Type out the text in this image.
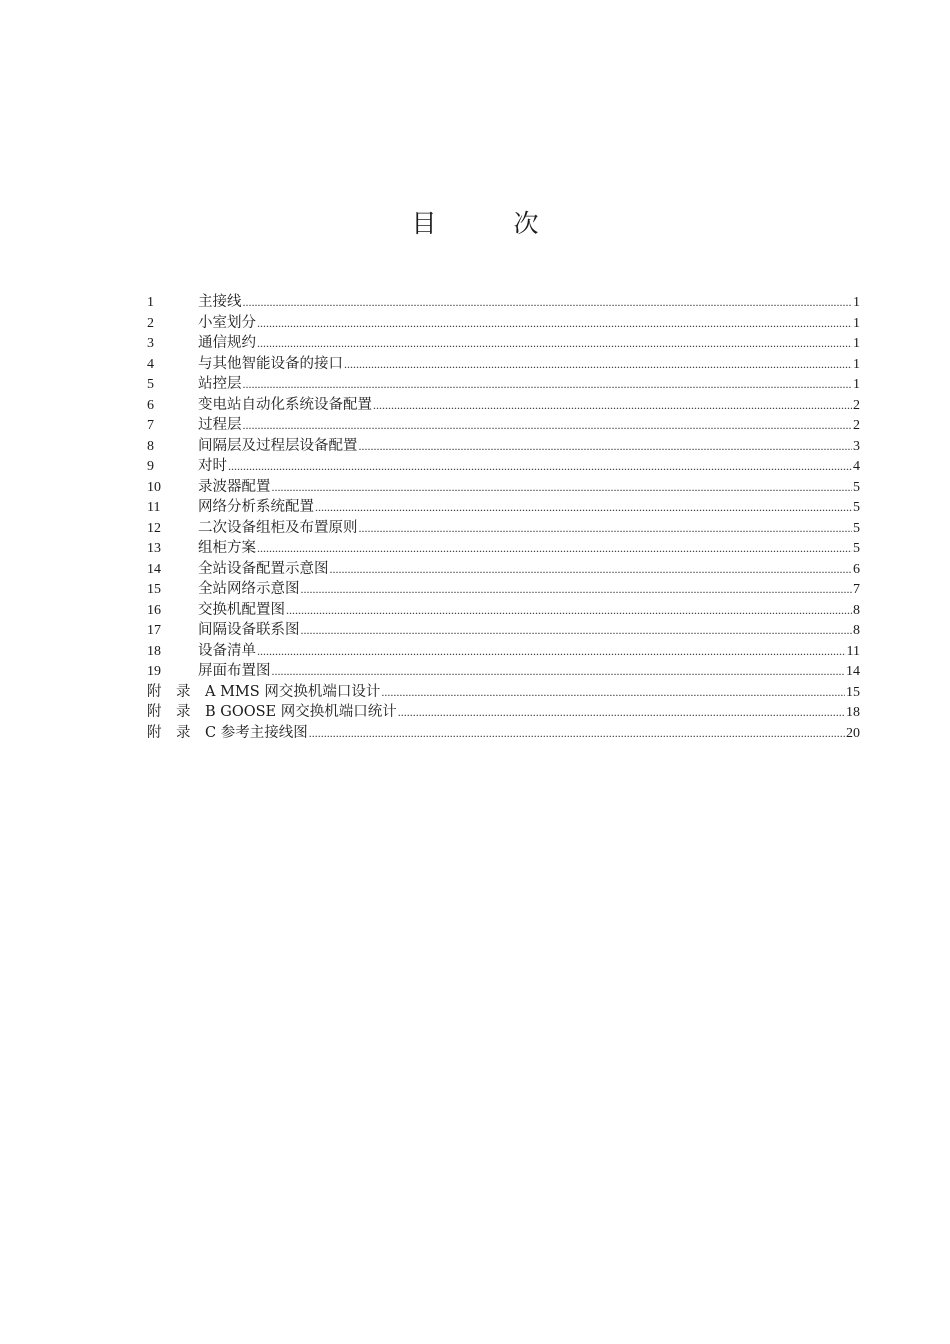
目　次
1	主接线 .....	1
2	小室划分 .....	1
3	通信规约 .....	1
4	与其他智能设备的接口 .....	1
5	站控层 .....	1
6	变电站自动化系统设备配置 .....	2
7	过程层 .....	2
8	间隔层及过程层设备配置 .....	3
9	对时 .....	4
10	录波器配置 .....	5
11	网络分析系统配置 .....	5
12	二次设备组柜及布置原则 .....	5
13	组柜方案 .....	5
14	全站设备配置示意图 .....	6
15	全站网络示意图 .....	7
16	交换机配置图 .....	8
17	间隔设备联系图 .....	8
18	设备清单 .....	11
19	屏面布置图 .....	14
附　录	A MMS 网交换机端口设计 .....	15
附　录	B GOOSE 网交换机端口统计 .....	18
附　录	C 参考主接线图 .....	20
